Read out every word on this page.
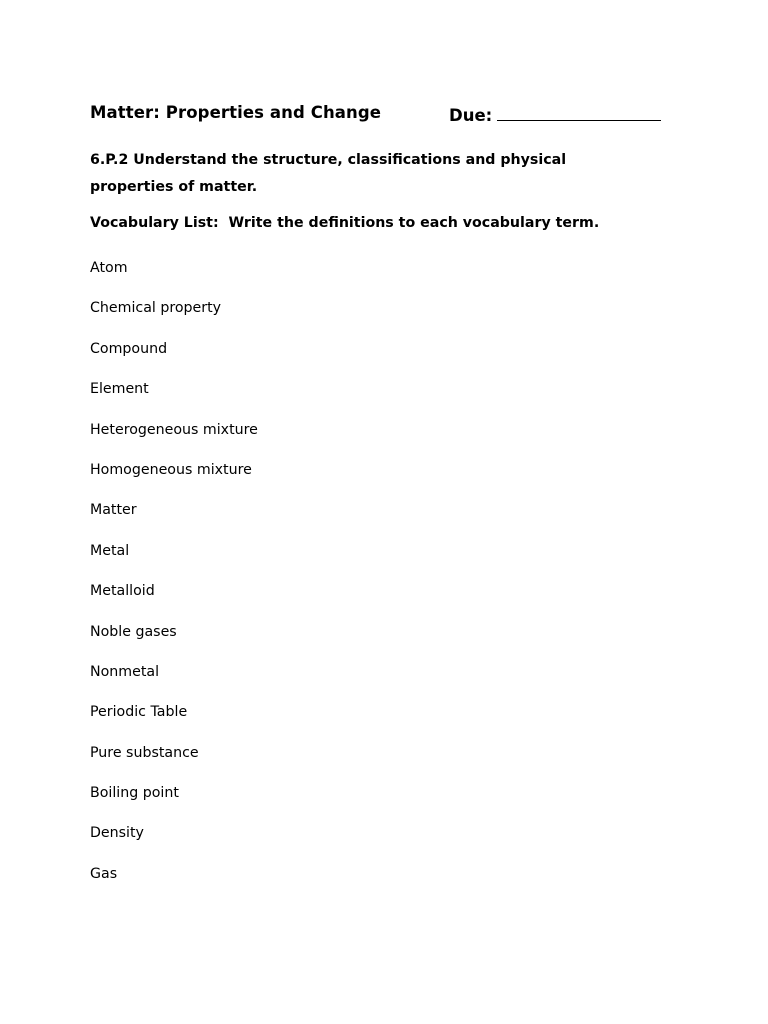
Matter: Properties and Change	Due:
6.P.2 Understand the structure, classifications and physical properties of matter.
Vocabulary List:  Write the definitions to each vocabulary term.
Atom
Chemical property
Compound
Element
Heterogeneous mixture
Homogeneous mixture
Matter
Metal
Metalloid
Noble gases
Nonmetal
Periodic Table
Pure substance
Boiling point
Density
Gas
